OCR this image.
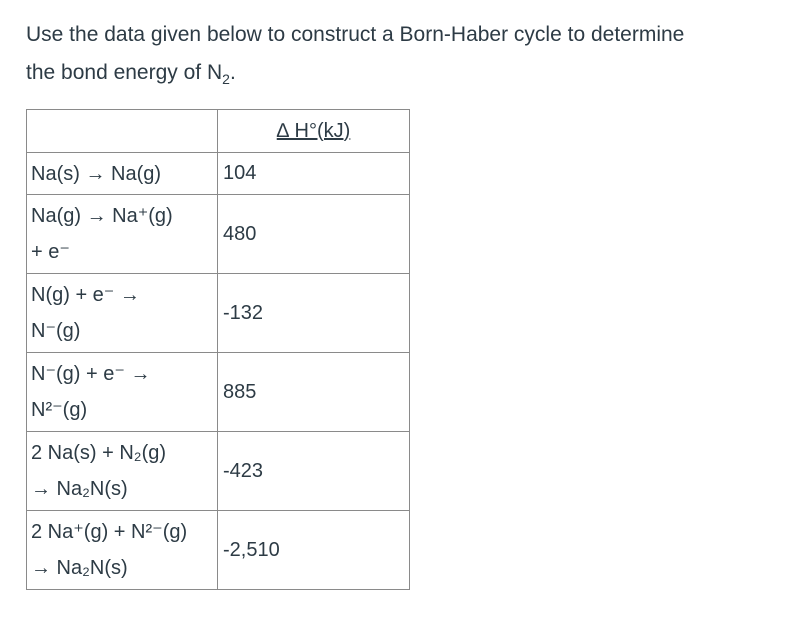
Use the data given below to construct a Born-Haber cycle to determine
the bond energy of $N_2$.

	∆ H°(kJ)

Na(s) → Na(g)	104

Na(g) → Na⁺(g)
+ e⁻	480

N(g) + e⁻ →
N⁻(g)	-132

N⁻(g) + e⁻ →
N²⁻(g)	885

2 Na(s) + N₂(g)
→ Na₂N(s)	-423

2 Na⁺(g) + N²⁻(g)
→ Na₂N(s)	-2,510
